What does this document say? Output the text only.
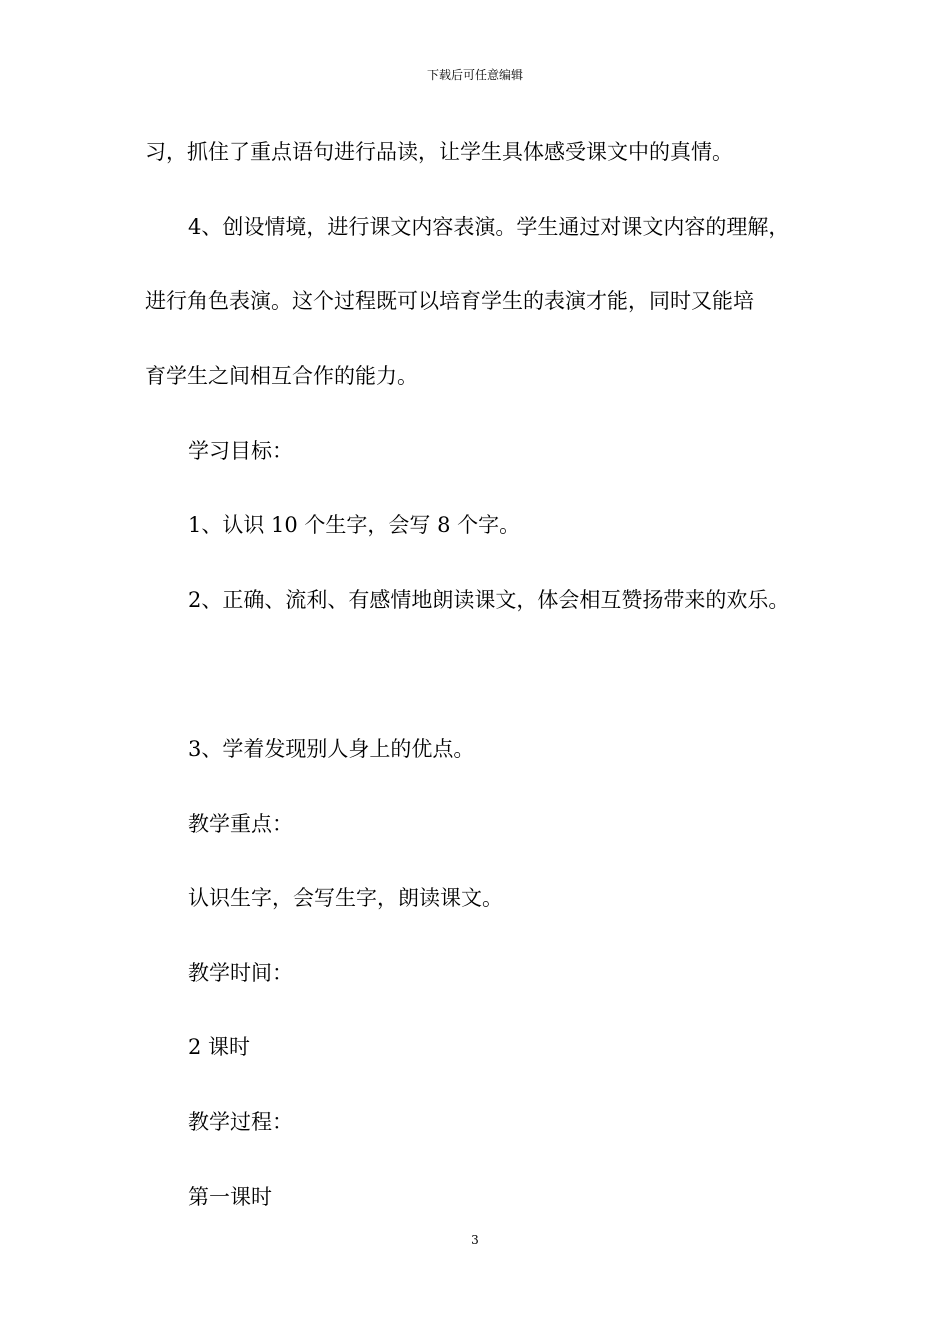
下载后可任意编辑
习，抓住了重点语句进行品读，让学生具体感受课文中的真情。
4、创设情境，进行课文内容表演。学生通过对课文内容的理解，
进行角色表演。这个过程既可以培育学生的表演才能，同时又能培
育学生之间相互合作的能力。
学习目标：
1、认识 10 个生字，会写 8 个字。
2、正确、流利、有感情地朗读课文，体会相互赞扬带来的欢乐。
3、学着发现别人身上的优点。
教学重点：
认识生字，会写生字，朗读课文。
教学时间：
2 课时
教学过程：
第一课时
3
